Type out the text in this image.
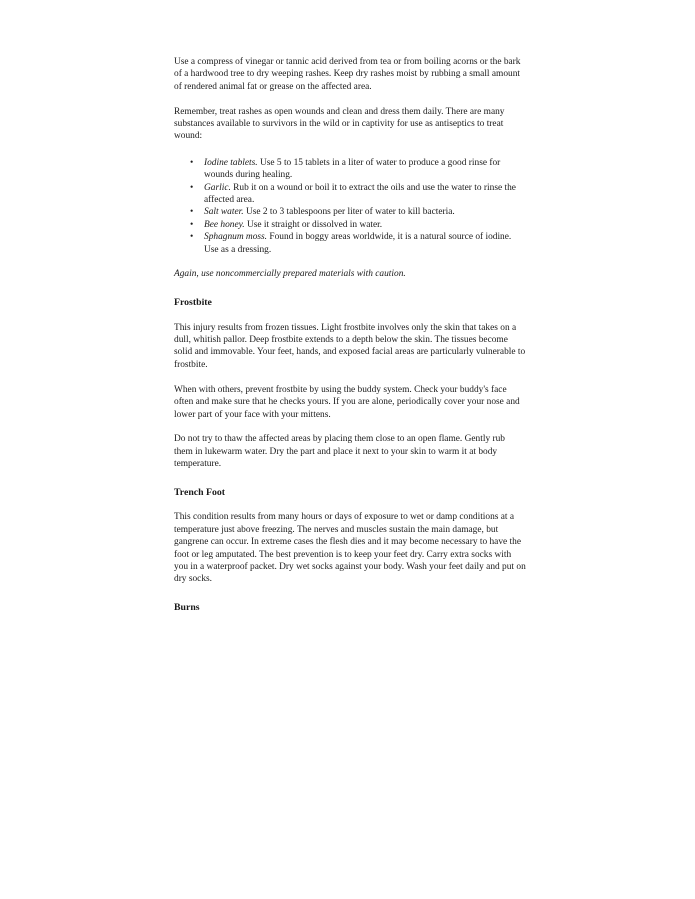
Use a compress of vinegar or tannic acid derived from tea or from boiling acorns or the bark of a hardwood tree to dry weeping rashes. Keep dry rashes moist by rubbing a small amount of rendered animal fat or grease on the affected area.

Remember, treat rashes as open wounds and clean and dress them daily. There are many substances available to survivors in the wild or in captivity for use as antiseptics to treat wound:

• Iodine tablets. Use 5 to 15 tablets in a liter of water to produce a good rinse for wounds during healing.
• Garlic. Rub it on a wound or boil it to extract the oils and use the water to rinse the affected area.
• Salt water. Use 2 to 3 tablespoons per liter of water to kill bacteria.
• Bee honey. Use it straight or dissolved in water.
• Sphagnum moss. Found in boggy areas worldwide, it is a natural source of iodine. Use as a dressing.

Again, use noncommercially prepared materials with caution.

Frostbite

This injury results from frozen tissues. Light frostbite involves only the skin that takes on a dull, whitish pallor. Deep frostbite extends to a depth below the skin. The tissues become solid and immovable. Your feet, hands, and exposed facial areas are particularly vulnerable to frostbite.

When with others, prevent frostbite by using the buddy system. Check your buddy's face often and make sure that he checks yours. If you are alone, periodically cover your nose and lower part of your face with your mittens.

Do not try to thaw the affected areas by placing them close to an open flame. Gently rub them in lukewarm water. Dry the part and place it next to your skin to warm it at body temperature.

Trench Foot

This condition results from many hours or days of exposure to wet or damp conditions at a temperature just above freezing. The nerves and muscles sustain the main damage, but gangrene can occur. In extreme cases the flesh dies and it may become necessary to have the foot or leg amputated. The best prevention is to keep your feet dry. Carry extra socks with you in a waterproof packet. Dry wet socks against your body. Wash your feet daily and put on dry socks.

Burns
